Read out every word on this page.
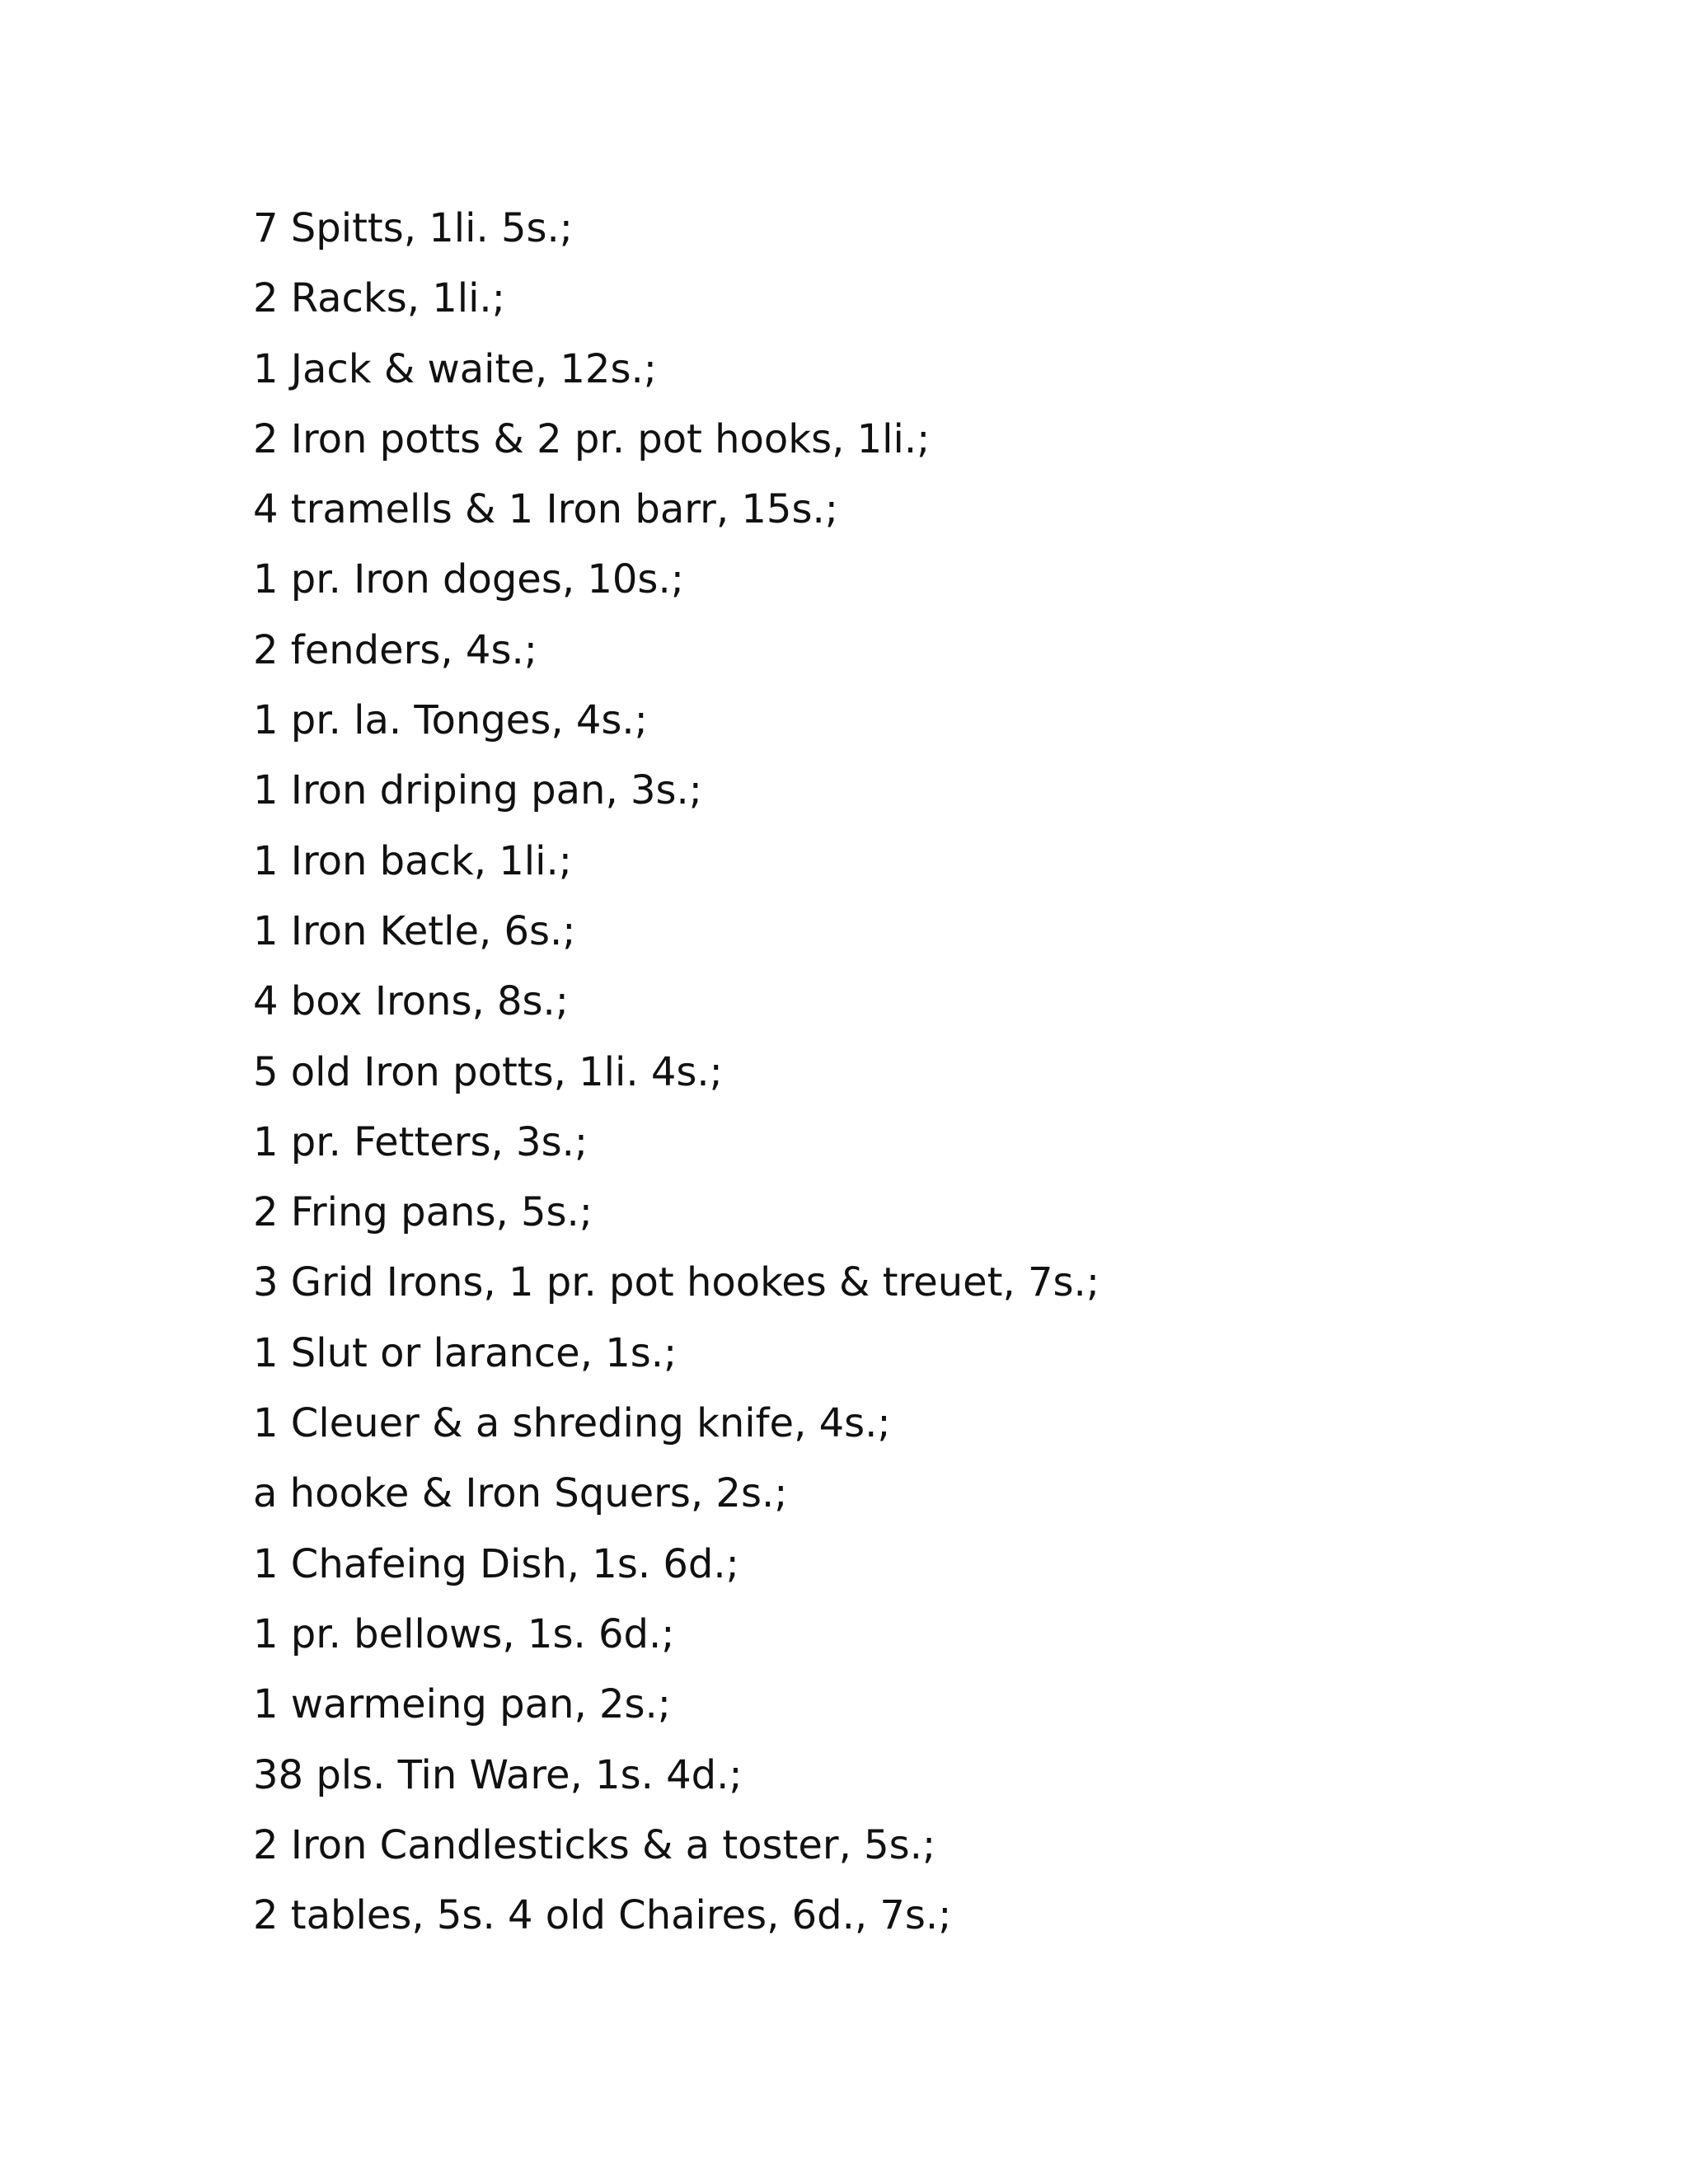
7 Spitts, 1li. 5s.;
2 Racks, 1li.;
1 Jack & waite, 12s.;
2 Iron potts & 2 pr. pot hooks, 1li.;
4 tramells & 1 Iron barr, 15s.;
1 pr. Iron doges, 10s.;
2 fenders, 4s.;
1 pr. la. Tonges, 4s.;
1 Iron driping pan, 3s.;
1 Iron back, 1li.;
1 Iron Ketle, 6s.;
4 box Irons, 8s.;
5 old Iron potts, 1li. 4s.;
1 pr. Fetters, 3s.;
2 Fring pans, 5s.;
3 Grid Irons, 1 pr. pot hookes & treuet, 7s.;
1 Slut or larance, 1s.;
1 Cleuer & a shreding knife, 4s.;
a hooke & Iron Squers, 2s.;
1 Chafeing Dish, 1s. 6d.;
1 pr. bellows, 1s. 6d.;
1 warmeing pan, 2s.;
38 pls. Tin Ware, 1s. 4d.;
2 Iron Candlesticks & a toster, 5s.;
2 tables, 5s. 4 old Chaires, 6d., 7s.;
